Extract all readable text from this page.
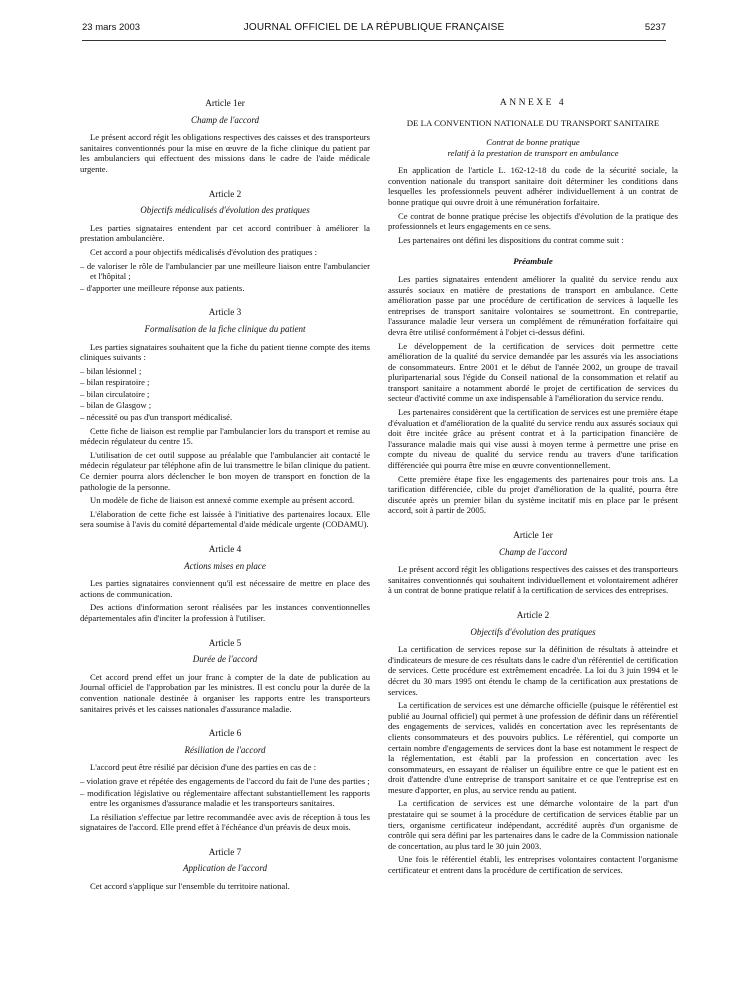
23 mars 2003	JOURNAL OFFICIEL DE LA RÉPUBLIQUE FRANÇAISE	5237
Article 1er
Champ de l'accord

Le présent accord régit les obligations respectives des caisses et des transporteurs sanitaires conventionnés pour la mise en œuvre de la fiche clinique du patient par les ambulanciers qui effectuent des missions dans le cadre de l'aide médicale urgente.

Article 2
Objectifs médicalisés d'évolution des pratiques

Les parties signataires entendent par cet accord contribuer à améliorer la prestation ambulancière.

Cet accord a pour objectifs médicalisés d'évolution des pratiques :

– de valoriser le rôle de l'ambulancier par une meilleure liaison entre l'ambulancier et l'hôpital ;
– d'apporter une meilleure réponse aux patients.
Article 3
Formalisation de la fiche clinique du patient

Les parties signataires souhaitent que la fiche du patient tienne compte des items cliniques suivants :

– bilan lésionnel ;
– bilan respiratoire ;
– bilan circulatoire ;
– bilan de Glasgow ;
– nécessité ou pas d'un transport médicalisé.

Cette fiche de liaison est remplie par l'ambulancier lors du transport et remise au médecin régulateur du centre 15.

L'utilisation de cet outil suppose au préalable que l'ambulancier ait contacté le médecin régulateur par téléphone afin de lui transmettre le bilan clinique du patient. Ce dernier pourra alors déclencher le bon moyen de transport en fonction de la pathologie de la personne.

Un modèle de fiche de liaison est annexé comme exemple au présent accord.

L'élaboration de cette fiche est laissée à l'initiative des partenaires locaux. Elle sera soumise à l'avis du comité départemental d'aide médicale urgente (CODAMU).

Article 4
Actions mises en place

Les parties signataires conviennent qu'il est nécessaire de mettre en place des actions de communication.

Des actions d'information seront réalisées par les instances conventionnelles départementales afin d'inciter la profession à l'utiliser.

Article 5
Durée de l'accord

Cet accord prend effet un jour franc à compter de la date de publication au Journal officiel de l'approbation par les ministres. Il est conclu pour la durée de la convention nationale destinée à organiser les rapports entre les transporteurs sanitaires privés et les caisses nationales d'assurance maladie.

Article 6
Résiliation de l'accord

L'accord peut être résilié par décision d'une des parties en cas de :

– violation grave et répétée des engagements de l'accord du fait de l'une des parties ;
– modification législative ou réglementaire affectant substantiellement les rapports entre les organismes d'assurance maladie et les transporteurs sanitaires.

La résiliation s'effectue par lettre recommandée avec avis de réception à tous les signataires de l'accord. Elle prend effet à l'échéance d'un préavis de deux mois.

Article 7
Application de l'accord

Cet accord s'applique sur l'ensemble du territoire national.

ANNEXE 4
DE LA CONVENTION NATIONALE DU TRANSPORT SANITAIRE
Contrat de bonne pratique
relatif à la prestation de transport en ambulance

En application de l'article L. 162-12-18 du code de la sécurité sociale, la convention nationale du transport sanitaire doit déterminer les conditions dans lesquelles les professionnels peuvent adhérer individuellement à un contrat de bonne pratique qui ouvre droit à une rémunération forfaitaire.

Ce contrat de bonne pratique précise les objectifs d'évolution de la pratique des professionnels et leurs engagements en ce sens.

Les partenaires ont défini les dispositions du contrat comme suit :

Préambule

Les parties signataires entendent améliorer la qualité du service rendu aux assurés sociaux en matière de prestations de transport en ambulance. Cette amélioration passe par une procédure de certification de services à laquelle les entreprises de transport sanitaire volontaires se soumettront. En contrepartie, l'assurance maladie leur versera un complément de rémunération forfaitaire qui devra être utilisé conformément à l'objet ci-dessus défini.

Le développement de la certification de services doit permettre cette amélioration de la qualité du service demandée par les assurés via les associations de consommateurs. Entre 2001 et le début de l'année 2002, un groupe de travail pluripartenarial sous l'égide du Conseil national de la consommation et relatif au transport sanitaire a notamment abordé le projet de certification de services du secteur d'activité comme un axe indispensable à l'amélioration du service rendu.

Les partenaires considèrent que la certification de services est une première étape d'évaluation et d'amélioration de la qualité du service rendu aux assurés sociaux qui doit être incitée grâce au présent contrat et à la participation financière de l'assurance maladie mais qui vise aussi à moyen terme à permettre une prise en compte du niveau de qualité du service rendu au travers d'une tarification différenciée qui pourra être mise en œuvre conventionnellement.

Cette première étape fixe les engagements des partenaires pour trois ans. La tarification différenciée, cible du projet d'amélioration de la qualité, pourra être discutée après un premier bilan du système incitatif mis en place par le présent accord, soit à partir de 2005.

Article 1er
Champ de l'accord

Le présent accord régit les obligations respectives des caisses et des transporteurs sanitaires conventionnés qui souhaitent individuellement et volontairement adhérer à un contrat de bonne pratique relatif à la certification de services des entreprises.

Article 2
Objectifs d'évolution des pratiques

La certification de services repose sur la définition de résultats à atteindre et d'indicateurs de mesure de ces résultats dans le cadre d'un référentiel de certification de services. Cette procédure est extrêmement encadrée. La loi du 3 juin 1994 et le décret du 30 mars 1995 ont étendu le champ de la certification aux prestations de services.

La certification de services est une démarche officielle (puisque le référentiel est publié au Journal officiel) qui permet à une profession de définir dans un référentiel des engagements de services, validés en concertation avec les représentants de clients consommateurs et des pouvoirs publics. Le référentiel, qui comporte un certain nombre d'engagements de services dont la base est notamment le respect de la réglementation, est établi par la profession en concertation avec les consommateurs, en essayant de réaliser un équilibre entre ce que le patient est en droit d'attendre d'une entreprise de transport sanitaire et ce que l'entreprise est en mesure d'apporter, en plus, au service rendu au patient.

La certification de services est une démarche volontaire de la part d'un prestataire qui se soumet à la procédure de certification de services établie par un tiers, organisme certificateur indépendant, accrédité auprès d'un organisme de contrôle qui sera défini par les partenaires dans le cadre de la Commission nationale de concertation, au plus tard le 30 juin 2003.

Une fois le référentiel établi, les entreprises volontaires contactent l'organisme certificateur et entrent dans la procédure de certification de services.
